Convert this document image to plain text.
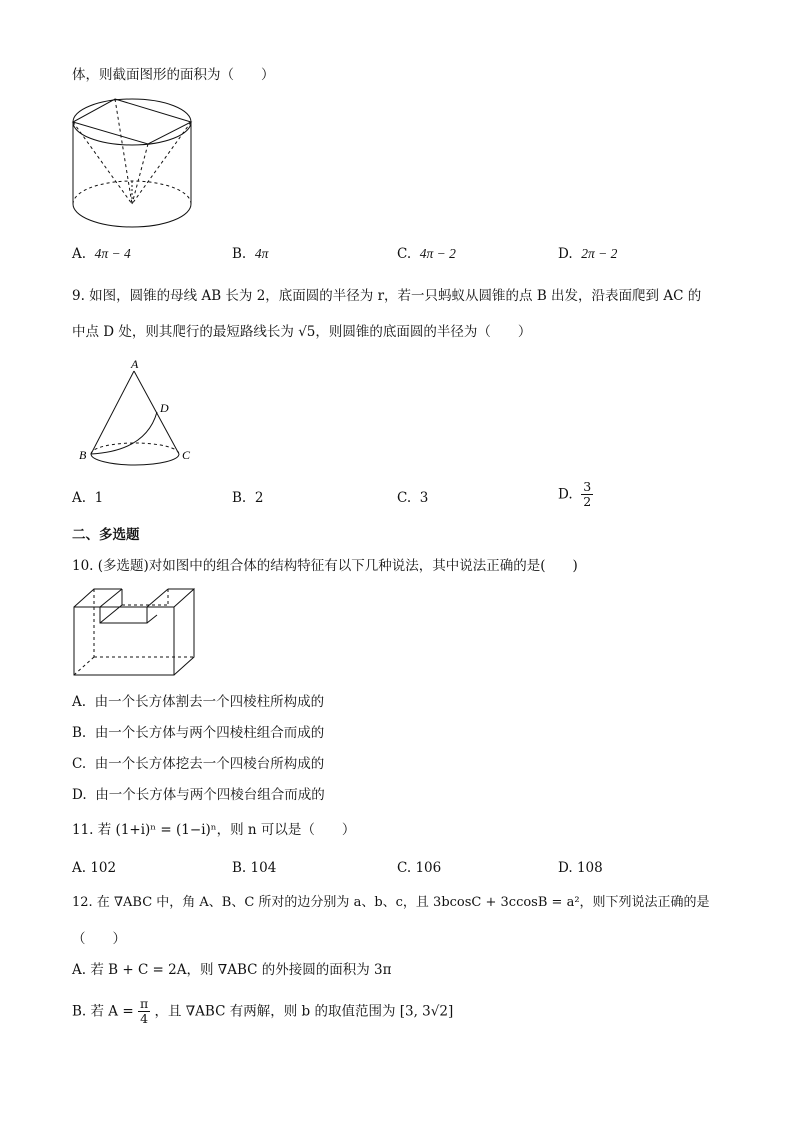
体，则截面图形的面积为（　　）
A. 4π − 4	B. 4π	C. 4π − 2	D. 2π − 2
9. 如图，圆锥的母线 AB 长为 2，底面圆的半径为 r，若一只蚂蚁从圆锥的点 B 出发，沿表面爬到 AC 的
中点 D 处，则其爬行的最短路线长为 √5，则圆锥的底面圆的半径为（　　）
A
D
B	C
A. 1	B. 2	C. 3	D. $\frac{3}{2}$
二、多选题
10. (多选题)对如图中的组合体的结构特征有以下几种说法，其中说法正确的是(　　)
A. 由一个长方体割去一个四棱柱所构成的
B. 由一个长方体与两个四棱柱组合而成的
C. 由一个长方体挖去一个四棱台所构成的
D. 由一个长方体与两个四棱台组合而成的
11. 若 (1+i)ⁿ = (1−i)ⁿ，则 n 可以是（　　）
A. 102	B. 104	C. 106	D. 108
12. 在 ∇ABC 中，角 A、B、C 所对的边分别为 a、b、c，且 3bcosC + 3ccosB = a²，则下列说法正确的是
（　　）
A. 若 B + C = 2A，则 ∇ABC 的外接圆的面积为 3π
B. 若 $A = \frac{\pi}{4}$ ，且 ∇ABC 有两解，则 b 的取值范围为 [3, 3√2]
